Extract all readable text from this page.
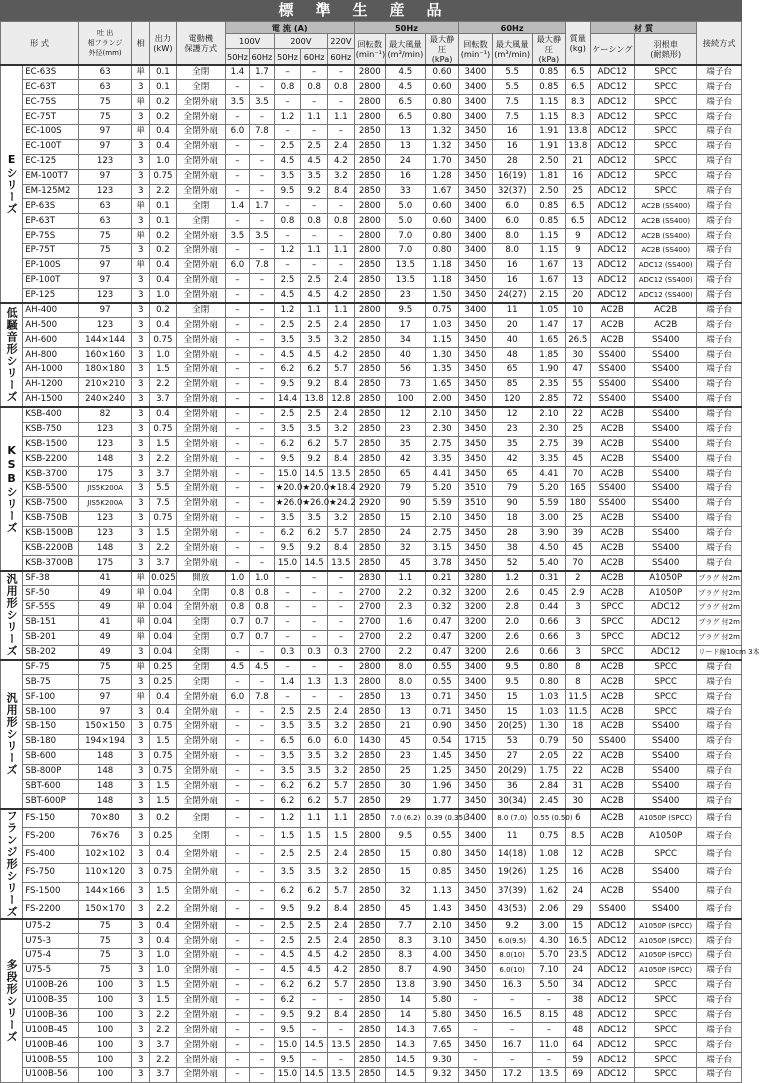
標準生産品
形 式		吐 出
相フランジ
外径(mm)	相	出力
(kW)	電動機
保護方式	電 流 (A)					50Hz			60Hz			質量
(kg)	材 質		接続方式
						100V		200V		220V	回転数
(min⁻¹)	最大風量
(m³/min)	最大静圧
(kPa)	回転数
(min⁻¹)	最大風量
(m³/min)	最大静圧
(kPa)		ケーシング	羽根車
(耐熱形)	
						50Hz	60Hz	50Hz	60Hz	60Hz										
Eシリーズ	EC-63S	63	単	0.1	全閉	1.4	1.7	–	–	–	2800	4.5	0.60	3400	5.5	0.85	6.5	ADC12	SPCC	端子台
	EC-63T	63	3	0.1	全閉	–	–	0.8	0.8	0.8	2800	4.5	0.60	3400	5.5	0.85	6.5	ADC12	SPCC	端子台
	EC-75S	75	単	0.2	全閉外扇	3.5	3.5	–	–	–	2800	6.5	0.80	3400	7.5	1.15	8.3	ADC12	SPCC	端子台
	EC-75T	75	3	0.2	全閉外扇	–	–	1.2	1.1	1.1	2800	6.5	0.80	3400	7.5	1.15	8.3	ADC12	SPCC	端子台
	EC-100S	97	単	0.4	全閉外扇	6.0	7.8	–	–	–	2850	13	1.32	3450	16	1.91	13.8	ADC12	SPCC	端子台
	EC-100T	97	3	0.4	全閉外扇	–	–	2.5	2.5	2.4	2850	13	1.32	3450	16	1.91	13.8	ADC12	SPCC	端子台
	EC-125	123	3	1.0	全閉外扇	–	–	4.5	4.5	4.2	2850	24	1.70	3450	28	2.50	21	ADC12	SPCC	端子台
	EM-100T7	97	3	0.75	全閉外扇	–	–	3.5	3.5	3.2	2850	16	1.28	3450	16(19)	1.81	16	ADC12	SPCC	端子台
	EM-125M2	123	3	2.2	全閉外扇	–	–	9.5	9.2	8.4	2850	33	1.67	3450	32(37)	2.50	25	ADC12	SPCC	端子台
	EP-63S	63	単	0.1	全閉	1.4	1.7	–	–	–	2800	5.0	0.60	3400	6.0	0.85	6.5	ADC12	AC2B (SS400)	端子台
	EP-63T	63	3	0.1	全閉	–	–	0.8	0.8	0.8	2800	5.0	0.60	3400	6.0	0.85	6.5	ADC12	AC2B (SS400)	端子台
	EP-75S	75	単	0.2	全閉外扇	3.5	3.5	–	–	–	2800	7.0	0.80	3400	8.0	1.15	9	ADC12	AC2B (SS400)	端子台
	EP-75T	75	3	0.2	全閉外扇	–	–	1.2	1.1	1.1	2800	7.0	0.80	3400	8.0	1.15	9	ADC12	AC2B (SS400)	端子台
	EP-100S	97	単	0.4	全閉外扇	6.0	7.8	–	–	–	2850	13.5	1.18	3450	16	1.67	13	ADC12	ADC12 (SS400)	端子台
	EP-100T	97	3	0.4	全閉外扇	–	–	2.5	2.5	2.4	2850	13.5	1.18	3450	16	1.67	13	ADC12	ADC12 (SS400)	端子台
	EP-125	123	3	1.0	全閉外扇	–	–	4.5	4.5	4.2	2850	23	1.50	3450	24(27)	2.15	20	ADC12	ADC12 (SS400)	端子台
低騒音形シリーズ	AH-400	97	3	0.2	全閉	–	–	1.2	1.1	1.1	2800	9.5	0.75	3400	11	1.05	10	AC2B	AC2B	端子台
	AH-500	123	3	0.4	全閉外扇	–	–	2.5	2.5	2.4	2850	17	1.03	3450	20	1.47	17	AC2B	AC2B	端子台
	AH-600	144×144	3	0.75	全閉外扇	–	–	3.5	3.5	3.2	2850	34	1.15	3450	40	1.65	26.5	AC2B	SS400	端子台
	AH-800	160×160	3	1.0	全閉外扇	–	–	4.5	4.5	4.2	2850	40	1.30	3450	48	1.85	30	SS400	SS400	端子台
	AH-1000	180×180	3	1.5	全閉外扇	–	–	6.2	6.2	5.7	2850	56	1.35	3450	65	1.90	47	SS400	SS400	端子台
	AH-1200	210×210	3	2.2	全閉外扇	–	–	9.5	9.2	8.4	2850	73	1.65	3450	85	2.35	55	SS400	SS400	端子台
	AH-1500	240×240	3	3.7	全閉外扇	–	–	14.4	13.8	12.8	2850	100	2.00	3450	120	2.85	72	SS400	SS400	端子台
KSBシリーズ	KSB-400	82	3	0.4	全閉外扇	–	–	2.5	2.5	2.4	2850	12	2.10	3450	12	2.10	22	AC2B	SS400	端子台
	KSB-750	123	3	0.75	全閉外扇	–	–	3.5	3.5	3.2	2850	23	2.30	3450	23	2.30	25	AC2B	SS400	端子台
	KSB-1500	123	3	1.5	全閉外扇	–	–	6.2	6.2	5.7	2850	35	2.75	3450	35	2.75	39	AC2B	SS400	端子台
	KSB-2200	148	3	2.2	全閉外扇	–	–	9.5	9.2	8.4	2850	42	3.35	3450	42	3.35	45	AC2B	SS400	端子台
	KSB-3700	175	3	3.7	全閉外扇	–	–	15.0	14.5	13.5	2850	65	4.41	3450	65	4.41	70	AC2B	SS400	端子台
	KSB-5500	JIS5K200A	3	5.5	全閉外扇	–	–	★20.0	★20.0	★18.4	2920	79	5.20	3510	79	5.20	165	SS400	SS400	端子台
	KSB-7500	JIS5K200A	3	7.5	全閉外扇	–	–	★26.0	★26.0	★24.2	2920	90	5.59	3510	90	5.59	180	SS400	SS400	端子台
	KSB-750B	123	3	0.75	全閉外扇	–	–	3.5	3.5	3.2	2850	15	2.10	3450	18	3.00	25	AC2B	SS400	端子台
	KSB-1500B	123	3	1.5	全閉外扇	–	–	6.2	6.2	5.7	2850	24	2.75	3450	28	3.90	39	AC2B	SS400	端子台
	KSB-2200B	148	3	2.2	全閉外扇	–	–	9.5	9.2	8.4	2850	32	3.15	3450	38	4.50	45	AC2B	SS400	端子台
	KSB-3700B	175	3	3.7	全閉外扇	–	–	15.0	14.5	13.5	2850	45	3.78	3450	52	5.40	70	AC2B	SS400	端子台
汎用形シリーズ	SF-38	41	単	0.025	開放	1.0	1.0	–	–	–	2830	1.1	0.21	3280	1.2	0.31	2	AC2B	A1050P	プラグ 付2m
	SF-50	49	単	0.04	全閉	0.8	0.8	–	–	–	2700	2.2	0.32	3200	2.6	0.45	2.9	AC2B	A1050P	プラグ 付2m
	SF-55S	49	単	0.04	全閉外扇	0.8	0.8	–	–	–	2700	2.3	0.32	3200	2.8	0.44	3	SPCC	ADC12	プラグ 付2m
	SB-151	41	単	0.04	全閉	0.7	0.7	–	–	–	2700	1.6	0.47	3200	2.0	0.66	3	SPCC	ADC12	プラグ 付2m
	SB-201	49	単	0.04	全閉	0.7	0.7	–	–	–	2700	2.2	0.47	3200	2.6	0.66	3	SPCC	ADC12	プラグ 付2m
	SB-202	49	3	0.04	全閉	–	–	0.3	0.3	0.3	2700	2.2	0.47	3200	2.6	0.66	3	SPCC	ADC12	リード線10cm 3本
汎用形シリーズ	SF-75	75	単	0.25	全閉	4.5	4.5	–	–	–	2800	8.0	0.55	3400	9.5	0.80	8	AC2B	SPCC	端子台
	SB-75	75	3	0.25	全閉	–	–	1.4	1.3	1.3	2800	8.0	0.55	3400	9.5	0.80	8	AC2B	SPCC	端子台
	SF-100	97	単	0.4	全閉外扇	6.0	7.8	–	–	–	2850	13	0.71	3450	15	1.03	11.5	AC2B	SPCC	端子台
	SB-100	97	3	0.4	全閉外扇	–	–	2.5	2.5	2.4	2850	13	0.71	3450	15	1.03	11.5	AC2B	SPCC	端子台
	SB-150	150×150	3	0.75	全閉外扇	–	–	3.5	3.5	3.2	2850	21	0.90	3450	20(25)	1.30	18	AC2B	SS400	端子台
	SB-180	194×194	3	1.5	全閉外扇	–	–	6.5	6.0	6.0	1430	45	0.54	1715	53	0.79	50	SS400	SS400	端子台
	SB-600	148	3	0.75	全閉外扇	–	–	3.5	3.5	3.2	2850	23	1.45	3450	27	2.05	22	AC2B	SS400	端子台
	SB-800P	148	3	0.75	全閉外扇	–	–	3.5	3.5	3.2	2850	25	1.25	3450	20(29)	1.75	22	AC2B	SS400	端子台
	SBT-600	148	3	1.5	全閉外扇	–	–	6.2	6.2	5.7	2850	30	1.96	3450	36	2.84	31	AC2B	SS400	端子台
	SBT-600P	148	3	1.5	全閉外扇	–	–	6.2	6.2	5.7	2850	29	1.77	3450	30(34)	2.45	30	AC2B	SS400	端子台
フランジ形シリーズ	FS-150	70×80	3	0.2	全閉	–	–	1.2	1.1	1.1	2850	7.0 (6.2)	0.39 (0.35)	3400	8.0 (7.0)	0.55 (0.50)	6	AC2B	A1050P (SPCC)	端子台
	FS-200	76×76	3	0.25	全閉	–	–	1.5	1.5	1.5	2800	9.5	0.55	3400	11	0.75	8.5	AC2B	A1050P	端子台
	FS-400	102×102	3	0.4	全閉外扇	–	–	2.5	2.5	2.4	2850	15	0.80	3450	14(18)	1.08	12	AC2B	SPCC	端子台
	FS-750	110×120	3	0.75	全閉外扇	–	–	3.5	3.5	3.2	2850	15	0.85	3450	19(26)	1.25	16	AC2B	SS400	端子台
	FS-1500	144×166	3	1.5	全閉外扇	–	–	6.2	6.2	5.7	2850	32	1.13	3450	37(39)	1.62	24	AC2B	SS400	端子台
	FS-2200	150×170	3	2.2	全閉外扇	–	–	9.5	9.2	8.4	2850	45	1.43	3450	43(53)	2.06	29	SS400	SS400	端子台
多段形シリーズ	U75-2	75	3	0.4	全閉外扇	–	–	2.5	2.5	2.4	2850	7.7	2.10	3450	9.2	3.00	15	ADC12	A1050P (SPCC)	端子台
	U75-3	75	3	0.4	全閉外扇	–	–	2.5	2.5	2.4	2850	8.3	3.10	3450	6.0(9.5)	4.30	16.5	ADC12	A1050P (SPCC)	端子台
	U75-4	75	3	1.0	全閉外扇	–	–	4.5	4.5	4.2	2850	8.3	4.00	3450	8.0(10)	5.70	23.5	ADC12	A1050P (SPCC)	端子台
	U75-5	75	3	1.0	全閉外扇	–	–	4.5	4.5	4.2	2850	8.7	4.90	3450	6.0(10)	7.10	24	ADC12	A1050P (SPCC)	端子台
	U100B-26	100	3	1.5	全閉外扇	–	–	6.2	6.2	5.7	2850	13.8	3.90	3450	16.3	5.50	34	ADC12	SPCC	端子台
	U100B-35	100	3	1.5	全閉外扇	–	–	6.2	–	–	2850	14	5.80	–	–	–	38	ADC12	SPCC	端子台
	U100B-36	100	3	2.2	全閉外扇	–	–	9.5	9.2	8.4	2850	14	5.80	3450	16.5	8.15	48	ADC12	SPCC	端子台
	U100B-45	100	3	2.2	全閉外扇	–	–	9.5	–	–	2850	14.3	7.65	–	–	–	48	ADC12	SPCC	端子台
	U100B-46	100	3	3.7	全閉外扇	–	–	15.0	14.5	13.5	2850	14.3	7.65	3450	16.7	11.0	64	ADC12	SPCC	端子台
	U100B-55	100	3	2.2	全閉外扇	–	–	9.5	–	–	2850	14.5	9.30	–	–	–	59	ADC12	SPCC	端子台
	U100B-56	100	3	3.7	全閉外扇	–	–	15.0	14.5	13.5	2850	14.5	9.32	3450	17.2	13.5	69	ADC12	SPCC	端子台
